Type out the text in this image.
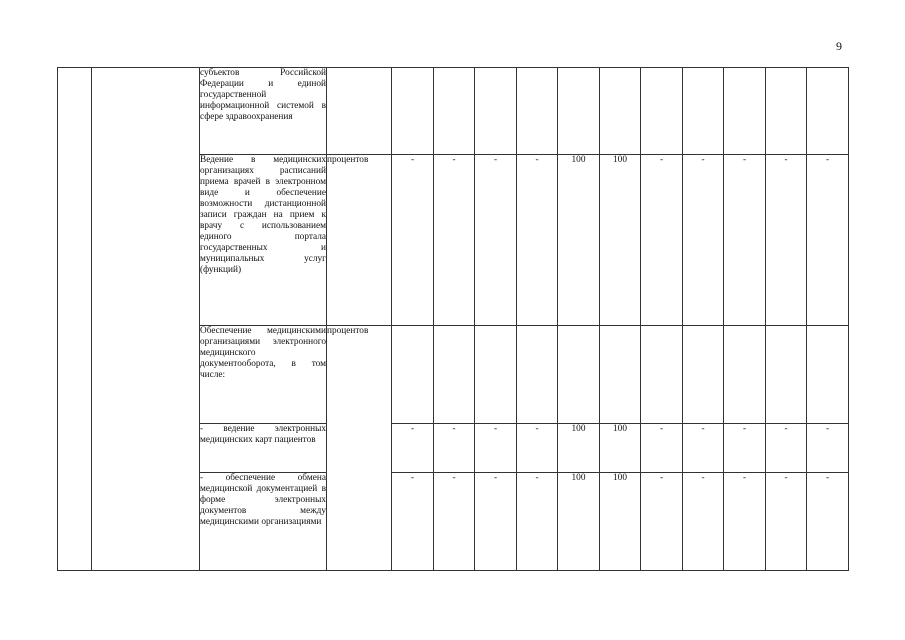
9

		субъектов Российской Федерации и единой государственной информационной системой в сфере здравоохранения												

		Ведение в медицинских организациях расписаний приема врачей в электронном виде и обеспечение возможности дистанционной записи граждан на прием к врачу с использованием единого портала государственных и муниципальных услуг (функций)	процентов	-	-	-	-	100	100	-	-	-	-	-

		Обеспечение медицинскими организациями электронного медицинского документооборота, в том числе:	процентов											

		- ведение электронных медицинских карт пациентов		-	-	-	-	100	100	-	-	-	-	-

		- обеспечение обмена медицинской документацией в форме электронных документов между медицинскими организациями		-	-	-	-	100	100	-	-	-	-	-
